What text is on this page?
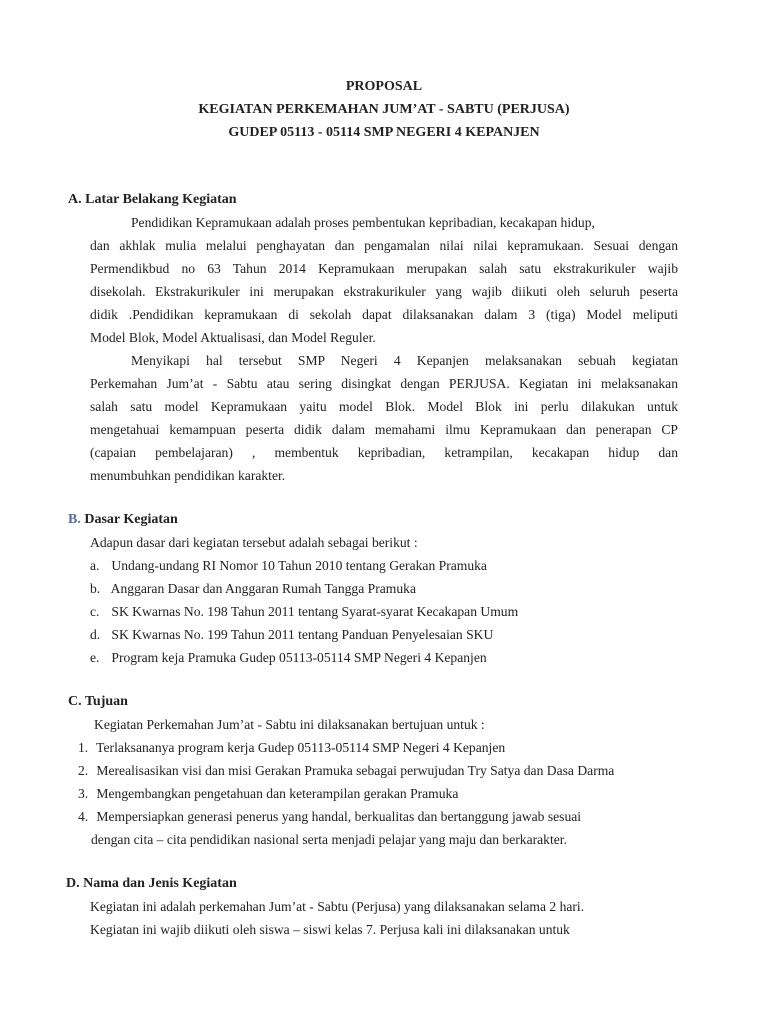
PROPOSAL
KEGIATAN PERKEMAHAN JUM’AT - SABTU (PERJUSA)
GUDEP 05113 - 05114 SMP NEGERI 4 KEPANJEN
A. Latar Belakang Kegiatan
Pendidikan Kepramukaan adalah proses pembentukan kepribadian, kecakapan hidup,
dan akhlak mulia melalui penghayatan dan pengamalan nilai nilai kepramukaan. Sesuai dengan
Permendikbud no 63 Tahun 2014 Kepramukaan merupakan salah satu ekstrakurikuler wajib
disekolah. Ekstrakurikuler ini merupakan ekstrakurikuler yang wajib diikuti oleh seluruh peserta
didik .Pendidikan kepramukaan di sekolah dapat dilaksanakan dalam 3 (tiga) Model meliputi
Model Blok, Model Aktualisasi, dan Model Reguler.
Menyikapi hal tersebut SMP Negeri 4 Kepanjen melaksanakan sebuah kegiatan
Perkemahan Jum’at - Sabtu atau sering disingkat dengan PERJUSA. Kegiatan ini melaksanakan
salah satu model Kepramukaan yaitu model Blok. Model Blok ini perlu dilakukan untuk
mengetahuai kemampuan peserta didik dalam memahami ilmu Kepramukaan dan penerapan CP
(capaian pembelajaran) , membentuk kepribadian, ketrampilan, kecakapan hidup dan
menumbuhkan pendidikan karakter.
B. Dasar Kegiatan
Adapun dasar dari kegiatan tersebut adalah sebagai berikut :
a. Undang-undang RI Nomor 10 Tahun 2010 tentang Gerakan Pramuka
b. Anggaran Dasar dan Anggaran Rumah Tangga Pramuka
c. SK Kwarnas No. 198 Tahun 2011 tentang Syarat-syarat Kecakapan Umum
d. SK Kwarnas No. 199 Tahun 2011 tentang Panduan Penyelesaian SKU
e. Program keja Pramuka Gudep 05113-05114 SMP Negeri 4 Kepanjen
C. Tujuan
Kegiatan Perkemahan Jum’at - Sabtu ini dilaksanakan bertujuan untuk :
1. Terlaksananya program kerja Gudep 05113-05114 SMP Negeri 4 Kepanjen
2. Merealisasikan visi dan misi Gerakan Pramuka sebagai perwujudan Try Satya dan Dasa Darma
3. Mengembangkan pengetahuan dan keterampilan gerakan Pramuka
4. Mempersiapkan generasi penerus yang handal, berkualitas dan bertanggung jawab sesuai
dengan cita – cita pendidikan nasional serta menjadi pelajar yang maju dan berkarakter.
D. Nama dan Jenis Kegiatan
Kegiatan ini adalah perkemahan Jum’at - Sabtu (Perjusa) yang dilaksanakan selama 2 hari.
Kegiatan ini wajib diikuti oleh siswa – siswi kelas 7. Perjusa kali ini dilaksanakan untuk
